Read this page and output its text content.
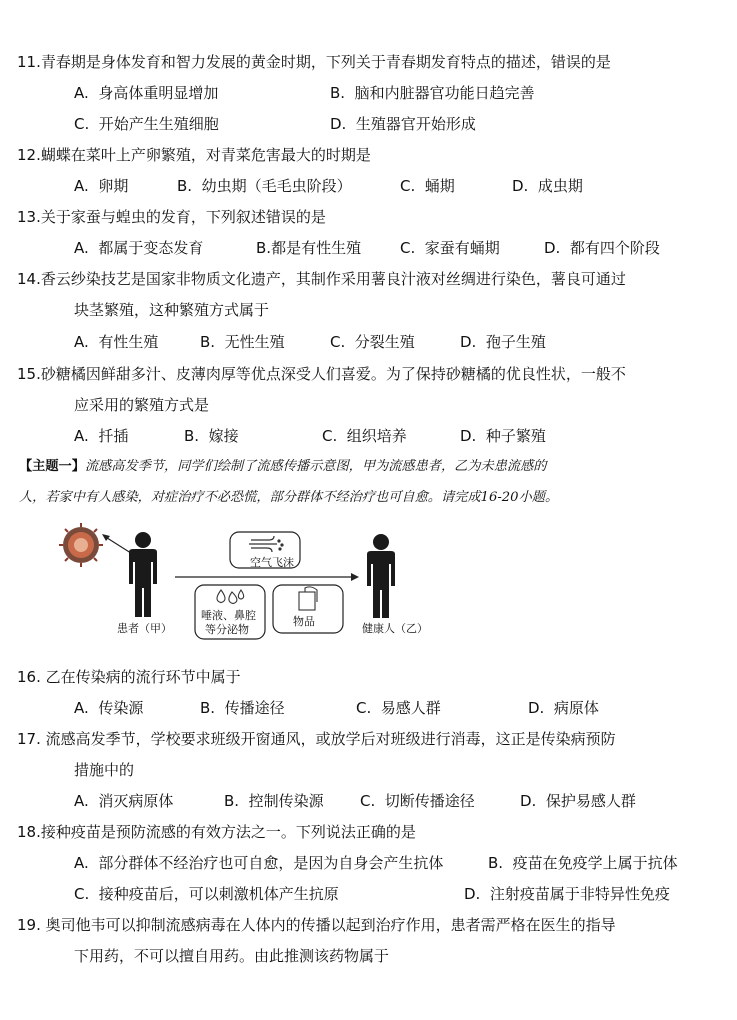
11.青春期是身体发育和智力发展的黄金时期，下列关于青春期发育特点的描述，错误的是
A. 身高体重明显增加	B. 脑和内脏器官功能日趋完善
C. 开始产生生殖细胞	D. 生殖器官开始形成
12.蝴蝶在菜叶上产卵繁殖，对青菜危害最大的时期是
A. 卵期	B. 幼虫期（毛毛虫阶段）	C. 蛹期	D. 成虫期
13.关于家蚕与蝗虫的发育，下列叙述错误的是
A. 都属于变态发育	B.都是有性生殖	C. 家蚕有蛹期	D. 都有四个阶段
14.香云纱染技艺是国家非物质文化遗产，其制作采用薯良汁液对丝绸进行染色，薯良可通过
块茎繁殖，这种繁殖方式属于
A. 有性生殖	B. 无性生殖	C. 分裂生殖	D. 孢子生殖
15.砂糖橘因鲜甜多汁、皮薄肉厚等优点深受人们喜爱。为了保持砂糖橘的优良性状，一般不
应采用的繁殖方式是
A. 扦插	B. 嫁接	C. 组织培养	D. 种子繁殖
【主题一】流感高发季节，同学们绘制了流感传播示意图，甲为流感患者，乙为未患流感的
人，若家中有人感染，对症治疗不必恐慌，部分群体不经治疗也可自愈。请完成16-20小题。
空气飞沫
唾液、鼻腔
等分泌物
物品
患者（甲）	健康人（乙）
16. 乙在传染病的流行环节中属于
A. 传染源	B. 传播途径	C. 易感人群	D. 病原体
17. 流感高发季节，学校要求班级开窗通风，或放学后对班级进行消毒，这正是传染病预防
措施中的
A. 消灭病原体	B. 控制传染源 C. 切断传播途径	D. 保护易感人群
18.接种疫苗是预防流感的有效方法之一。下列说法正确的是
A. 部分群体不经治疗也可自愈，是因为自身会产生抗体	B. 疫苗在免疫学上属于抗体
C. 接种疫苗后，可以刺激机体产生抗原	D. 注射疫苗属于非特异性免疫
19. 奥司他韦可以抑制流感病毒在人体内的传播以起到治疗作用，患者需严格在医生的指导
下用药，不可以擅自用药。由此推测该药物属于
